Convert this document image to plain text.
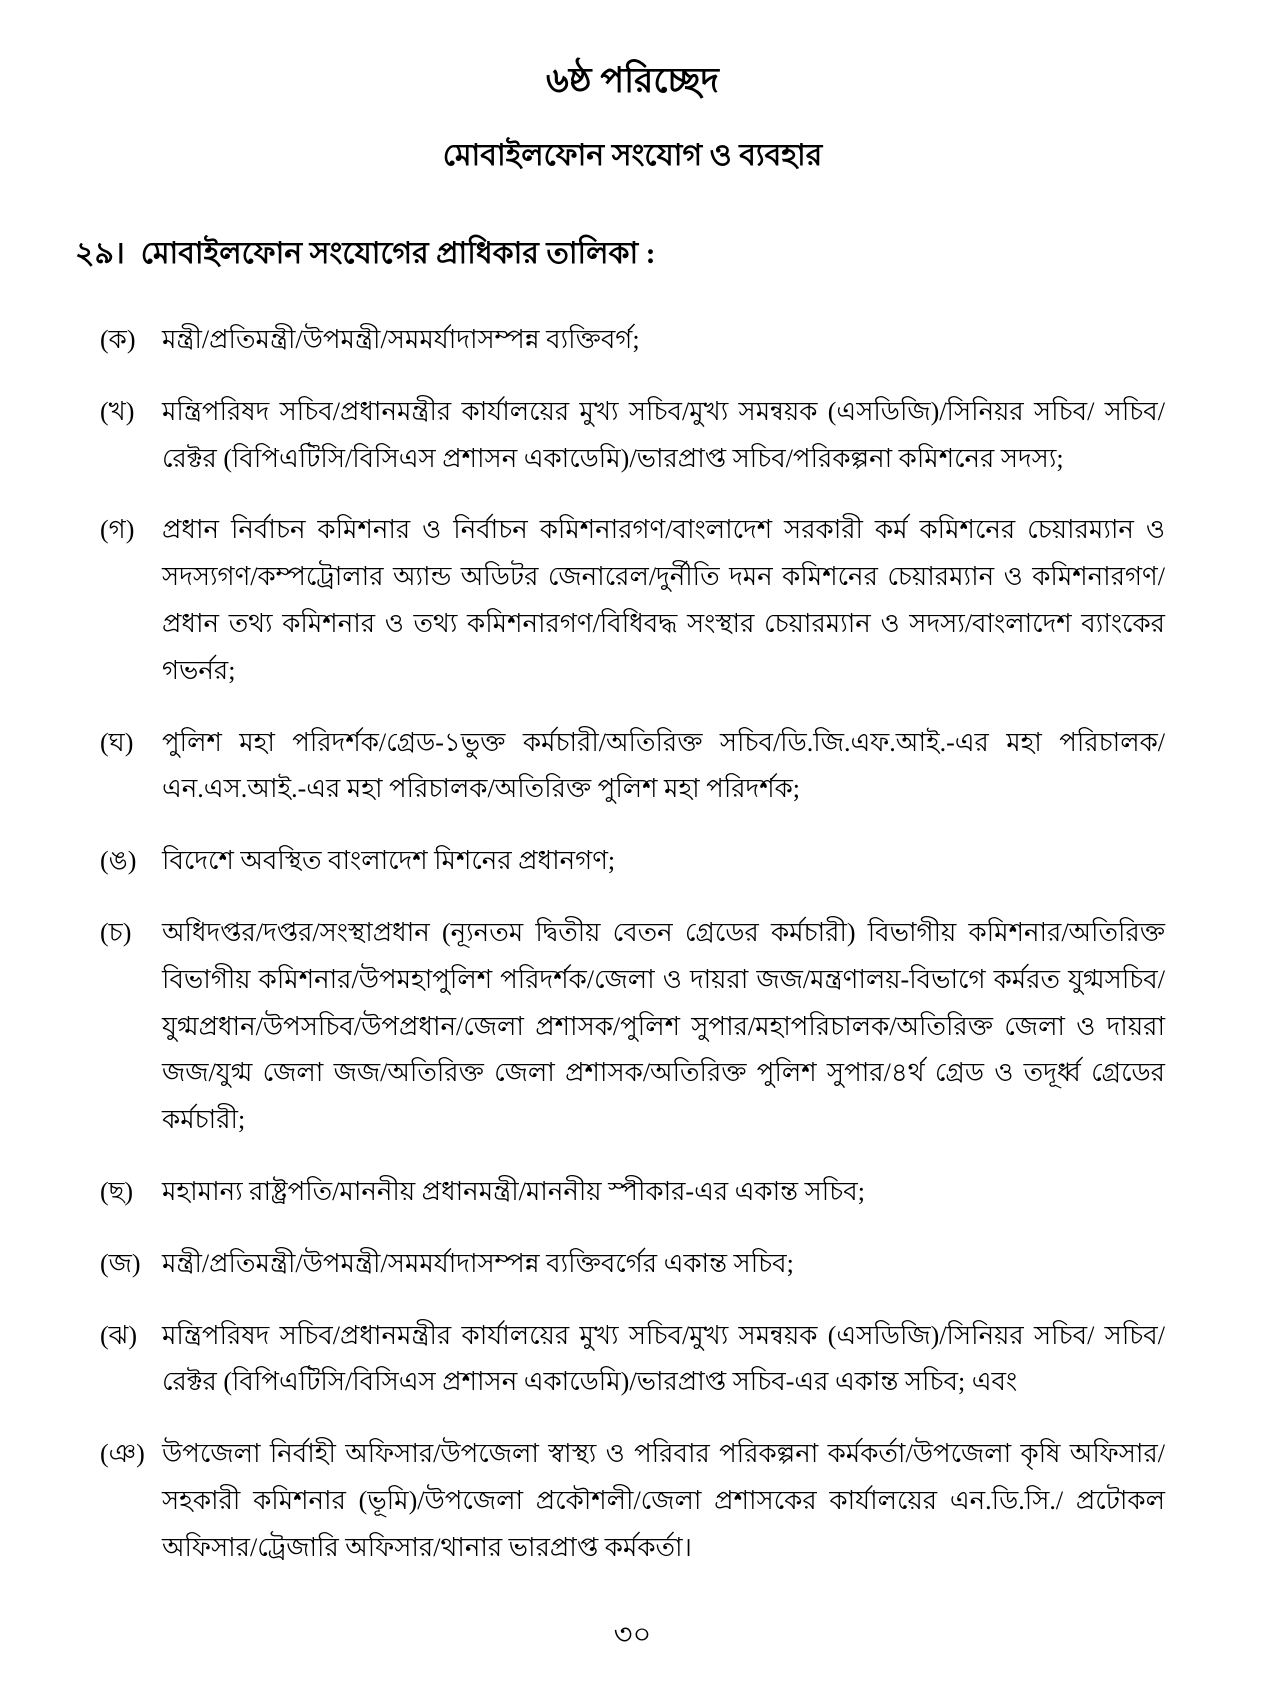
৬ষ্ঠ পরিচ্ছেদ
মোবাইলফোন সংযোগ ও ব্যবহার
২৯। মোবাইলফোন সংযোগের প্রাধিকার তালিকা :
(ক)	মন্ত্রী/প্রতিমন্ত্রী/উপমন্ত্রী/সমমর্যাদাসম্পন্ন ব্যক্তিবর্গ;
(খ)	মন্ত্রিপরিষদ সচিব/প্রধানমন্ত্রীর কার্যালয়ের মুখ্য সচিব/মুখ্য সমন্বয়ক (এসডিজি)/সিনিয়র সচিব/ সচিব/রেক্টর (বিপিএটিসি/বিসিএস প্রশাসন একাডেমি)/ভারপ্রাপ্ত সচিব/পরিকল্পনা কমিশনের সদস্য;
(গ)	প্রধান নির্বাচন কমিশনার ও নির্বাচন কমিশনারগণ/বাংলাদেশ সরকারী কর্ম কমিশনের চেয়ারম্যান ও সদস্যগণ/কম্পট্রোলার অ্যান্ড অডিটর জেনারেল/দুর্নীতি দমন কমিশনের চেয়ারম্যান ও কমিশনারগণ/ প্রধান তথ্য কমিশনার ও তথ্য কমিশনারগণ/বিধিবদ্ধ সংস্থার চেয়ারম্যান ও সদস্য/বাংলাদেশ ব্যাংকের গভর্নর;
(ঘ)	পুলিশ মহা পরিদর্শক/গ্রেড-১ভুক্ত কর্মচারী/অতিরিক্ত সচিব/ডি.জি.এফ.আই.-এর মহা পরিচালক/ এন.এস.আই.-এর মহা পরিচালক/অতিরিক্ত পুলিশ মহা পরিদর্শক;
(ঙ) বিদেশে অবস্থিত বাংলাদেশ মিশনের প্রধানগণ;
(চ)	অধিদপ্তর/দপ্তর/সংস্থাপ্রধান (ন্যূনতম দ্বিতীয় বেতন গ্রেডের কর্মচারী) বিভাগীয় কমিশনার/অতিরিক্ত বিভাগীয় কমিশনার/উপমহাপুলিশ পরিদর্শক/জেলা ও দায়রা জজ/মন্ত্রণালয়-বিভাগে কর্মরত যুগ্মসচিব/ যুগ্মপ্রধান/উপসচিব/উপপ্রধান/জেলা প্রশাসক/পুলিশ সুপার/মহাপরিচালক/অতিরিক্ত জেলা ও দায়রা জজ/যুগ্ম জেলা জজ/অতিরিক্ত জেলা প্রশাসক/অতিরিক্ত পুলিশ সুপার/৪র্থ গ্রেড ও তদূর্ধ্ব গ্রেডের কর্মচারী;
(ছ)	মহামান্য রাষ্ট্রপতি/মাননীয় প্রধানমন্ত্রী/মাননীয় স্পীকার-এর একান্ত সচিব;
(জ) মন্ত্রী/প্রতিমন্ত্রী/উপমন্ত্রী/সমমর্যাদাসম্পন্ন ব্যক্তিবর্গের একান্ত সচিব;
(ঝ) মন্ত্রিপরিষদ সচিব/প্রধানমন্ত্রীর কার্যালয়ের মুখ্য সচিব/মুখ্য সমন্বয়ক (এসডিজি)/সিনিয়র সচিব/ সচিব/রেক্টর (বিপিএটিসি/বিসিএস প্রশাসন একাডেমি)/ভারপ্রাপ্ত সচিব-এর একান্ত সচিব; এবং
(ঞ) উপজেলা নির্বাহী অফিসার/উপজেলা স্বাস্থ্য ও পরিবার পরিকল্পনা কর্মকর্তা/উপজেলা কৃষি অফিসার/সহকারী কমিশনার (ভূমি)/উপজেলা প্রকৌশলী/জেলা প্রশাসকের কার্যালয়ের এন.ডি.সি./ প্রটোকল অফিসার/ট্রেজারি অফিসার/থানার ভারপ্রাপ্ত কর্মকর্তা।
৩০
